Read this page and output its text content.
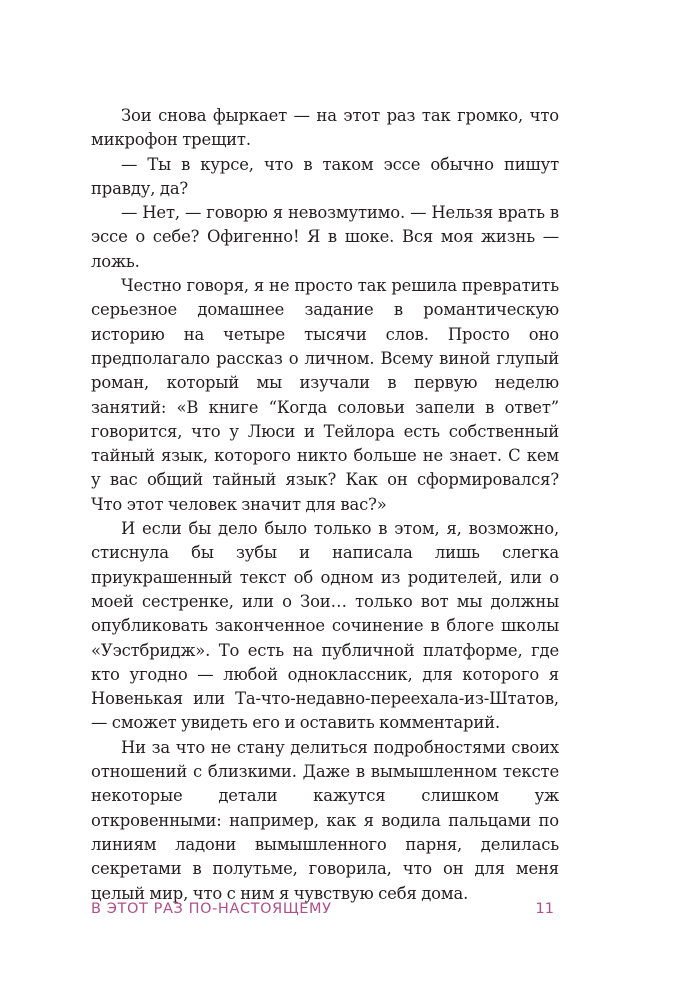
Зои снова фыркает — на этот раз так громко, что микрофон трещит.

— Ты в курсе, что в таком эссе обычно пишут правду, да?

— Нет, — говорю я невозмутимо. — Нельзя врать в эссе о себе? Офигенно! Я в шоке. Вся моя жизнь — ложь.

Честно говоря, я не просто так решила превратить серьезное домашнее задание в романтическую историю на четыре тысячи слов. Просто оно предполагало рассказ о личном. Всему виной глупый роман, который мы изучали в первую неделю занятий: «В книге “Когда соловьи запели в ответ” говорится, что у Люси и Тейлора есть собственный тайный язык, которого никто больше не знает. С кем у вас общий тайный язык? Как он сформировался? Что этот человек значит для вас?»

И если бы дело было только в этом, я, возможно, стиснула бы зубы и написала лишь слегка приукрашенный текст об одном из родителей, или о моей сестренке, или о Зои… только вот мы должны опубликовать законченное сочинение в блоге школы «Уэстбридж». То есть на публичной платформе, где кто угодно — любой одноклассник, для которого я Новенькая или Та-что-недавно-переехала-из-Штатов, — сможет увидеть его и оставить комментарий.

Ни за что не стану делиться подробностями своих отношений с близкими. Даже в вымышленном тексте некоторые детали кажутся слишком уж откровенными: например, как я водила пальцами по линиям ладони вымышленного парня, делилась секретами в полутьме, говорила, что он для меня целый мир, что с ним я чувствую себя дома.

В ЭТОТ РАЗ ПО-НАСТОЯЩЕМУ	11
